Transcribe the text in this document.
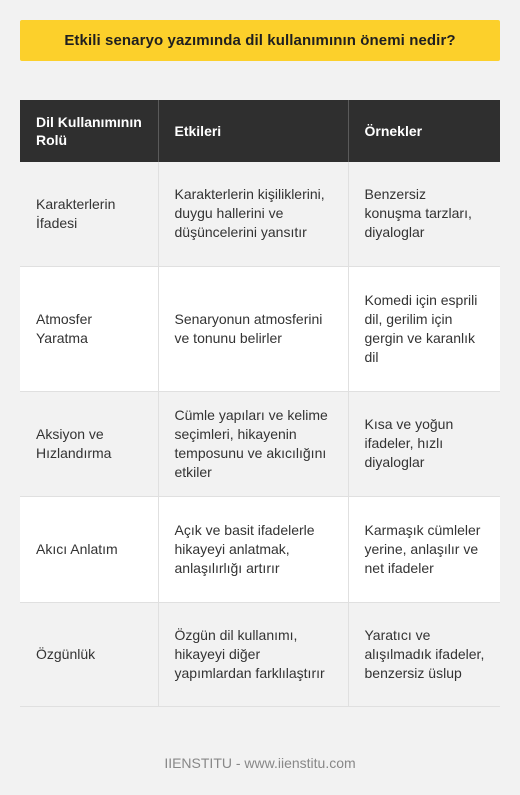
Etkili senaryo yazımında dil kullanımının önemi nedir?
Dil Kullanımının Rolü	Etkileri	Örnekler
Karakterlerin İfadesi	Karakterlerin kişiliklerini, duygu hallerini ve düşüncelerini yansıtır	Benzersiz konuşma tarzları, diyaloglar
Atmosfer Yaratma	Senaryonun atmosferini ve tonunu belirler	Komedi için esprili dil, gerilim için gergin ve karanlık dil
Aksiyon ve Hızlandırma	Cümle yapıları ve kelime seçimleri, hikayenin temposunu ve akıcılığını etkiler	Kısa ve yoğun ifadeler, hızlı diyaloglar
Akıcı Anlatım	Açık ve basit ifadelerle hikayeyi anlatmak, anlaşılırlığı artırır	Karmaşık cümleler yerine, anlaşılır ve net ifadeler
Özgünlük	Özgün dil kullanımı, hikayeyi diğer yapımlardan farklılaştırır	Yaratıcı ve alışılmadık ifadeler, benzersiz üslup
IIENSTITU - www.iienstitu.com
